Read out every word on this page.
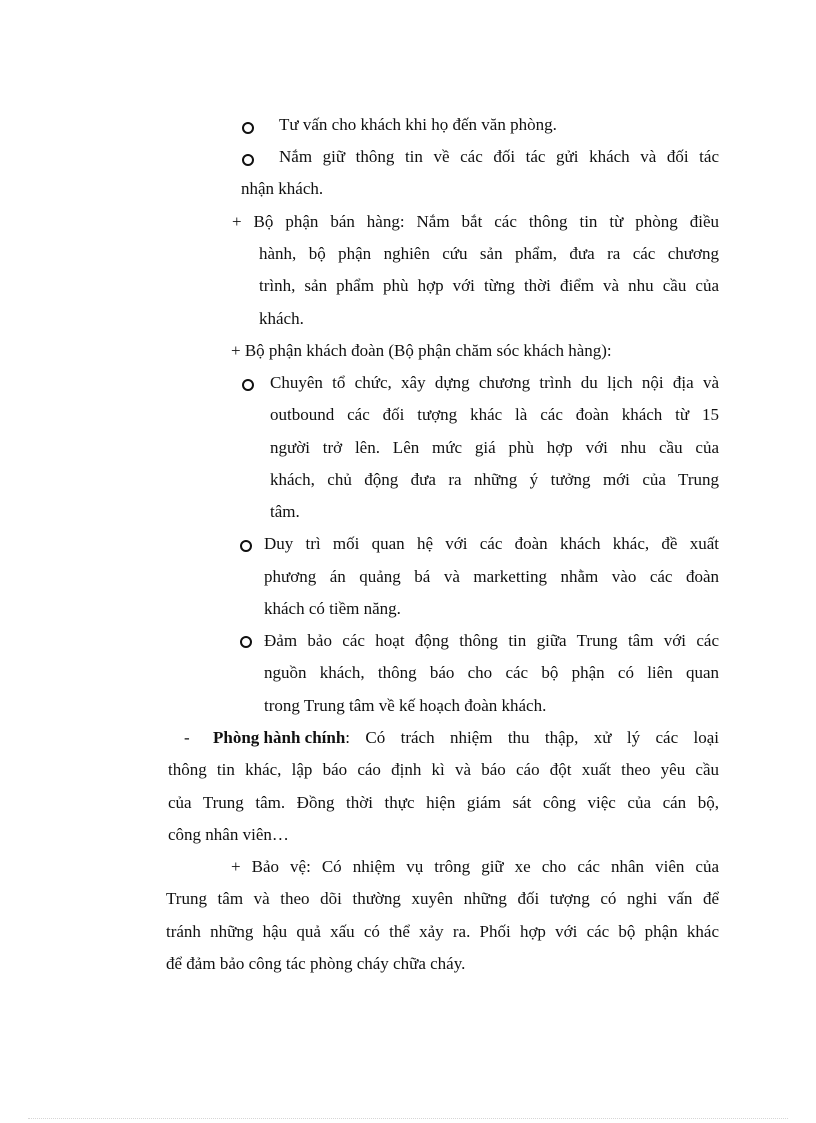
Tư vấn cho khách khi họ đến văn phòng.
Nắm giữ thông tin về các đối tác gửi khách và đối tác
nhận khách.
+ Bộ phận bán hàng: Nắm bắt các thông tin từ phòng điều
hành, bộ phận nghiên cứu sản phẩm, đưa ra các chương
trình, sản phẩm phù hợp với từng thời điểm và nhu cầu của
khách.
+ Bộ phận khách đoàn (Bộ phận chăm sóc khách hàng):
Chuyên tổ chức, xây dựng chương trình du lịch nội địa và
outbound các đối tượng khác là các đoàn khách từ 15
người trở lên. Lên mức giá phù hợp với nhu cầu của
khách, chủ động đưa ra những ý tưởng mới của Trung
tâm.
Duy trì mối quan hệ với các đoàn khách khác, đề xuất
phương án quảng bá và marketting nhằm vào các đoàn
khách có tiềm năng.
Đảm bảo các hoạt động thông tin giữa Trung tâm với các
nguồn khách, thông báo cho các bộ phận có liên quan
trong Trung tâm về kế hoạch đoàn khách.
- Phòng hành chính : Có trách nhiệm thu thập, xử lý các loại
thông tin khác, lập báo cáo định kì và báo cáo đột xuất theo yêu cầu
của Trung tâm. Đồng thời thực hiện giám sát công việc của cán bộ,
công nhân viên…
+ Bảo vệ: Có nhiệm vụ trông giữ xe cho các nhân viên của
Trung tâm và theo dõi thường xuyên những đối tượng có nghi vấn để
tránh những hậu quả xấu có thể xảy ra. Phối hợp với các bộ phận khác
để đảm bảo công tác phòng cháy chữa cháy.
